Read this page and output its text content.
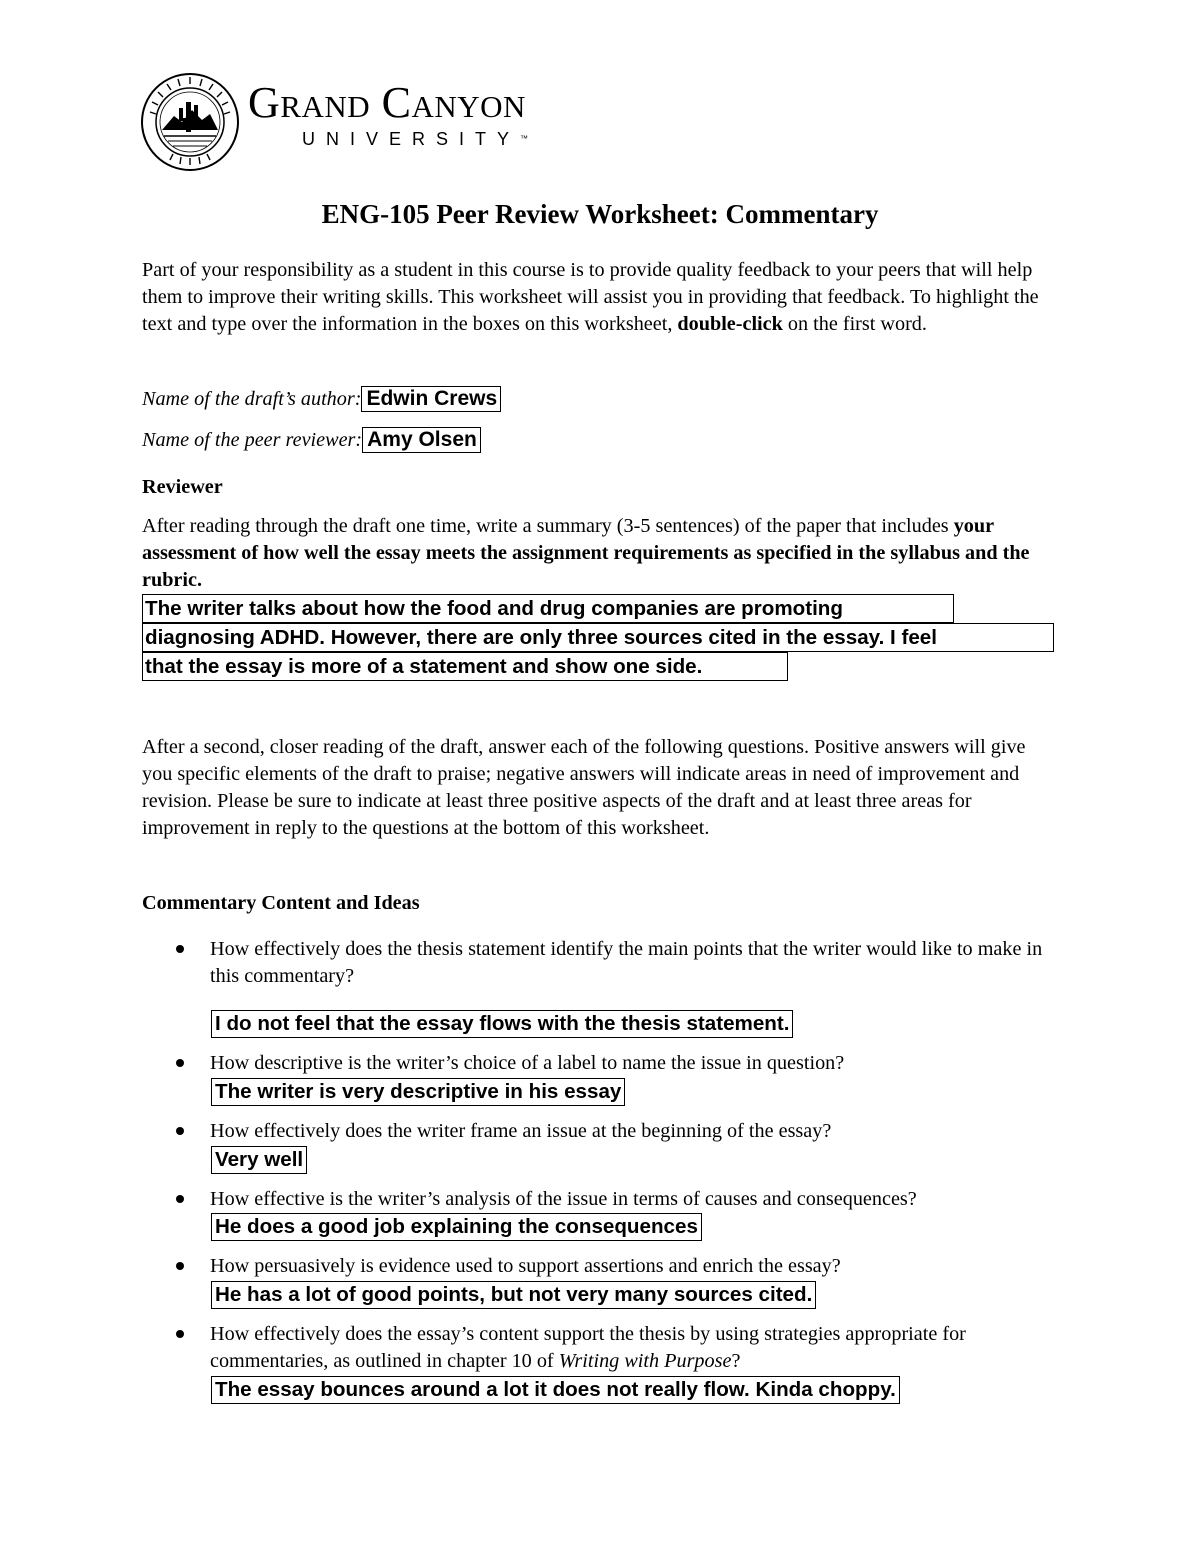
Grand Canyon
UNIVERSITY™
ENG-105 Peer Review Worksheet: Commentary
Part of your responsibility as a student in this course is to provide quality feedback to your peers that will help them to improve their writing skills. This worksheet will assist you in providing that feedback. To highlight the text and type over the information in the boxes on this worksheet, double-click on the first word.
Name of the draft’s author: Edwin Crews
Name of the peer reviewer: Amy Olsen
Reviewer
After reading through the draft one time, write a summary (3-5 sentences) of the paper that includes your assessment of how well the essay meets the assignment requirements as specified in the syllabus and the rubric.
The writer talks about how the food and drug companies are promoting
diagnosing ADHD. However, there are only three sources cited in the essay. I feel
that the essay is more of a statement and show one side.
After a second, closer reading of the draft, answer each of the following questions. Positive answers will give you specific elements of the draft to praise; negative answers will indicate areas in need of improvement and revision. Please be sure to indicate at least three positive aspects of the draft and at least three areas for improvement in reply to the questions at the bottom of this worksheet.
Commentary Content and Ideas
How effectively does the thesis statement identify the main points that the writer would like to make in this commentary?
I do not feel that the essay flows with the thesis statement.
How descriptive is the writer’s choice of a label to name the issue in question?
The writer is very descriptive in his essay
How effectively does the writer frame an issue at the beginning of the essay?
Very well
How effective is the writer’s analysis of the issue in terms of causes and consequences?
He does a good job explaining the consequences
How persuasively is evidence used to support assertions and enrich the essay?
He has a lot of good points, but not very many sources cited.
How effectively does the essay’s content support the thesis by using strategies appropriate for commentaries, as outlined in chapter 10 of Writing with Purpose?
The essay bounces around a lot it does not really flow. Kinda choppy.
